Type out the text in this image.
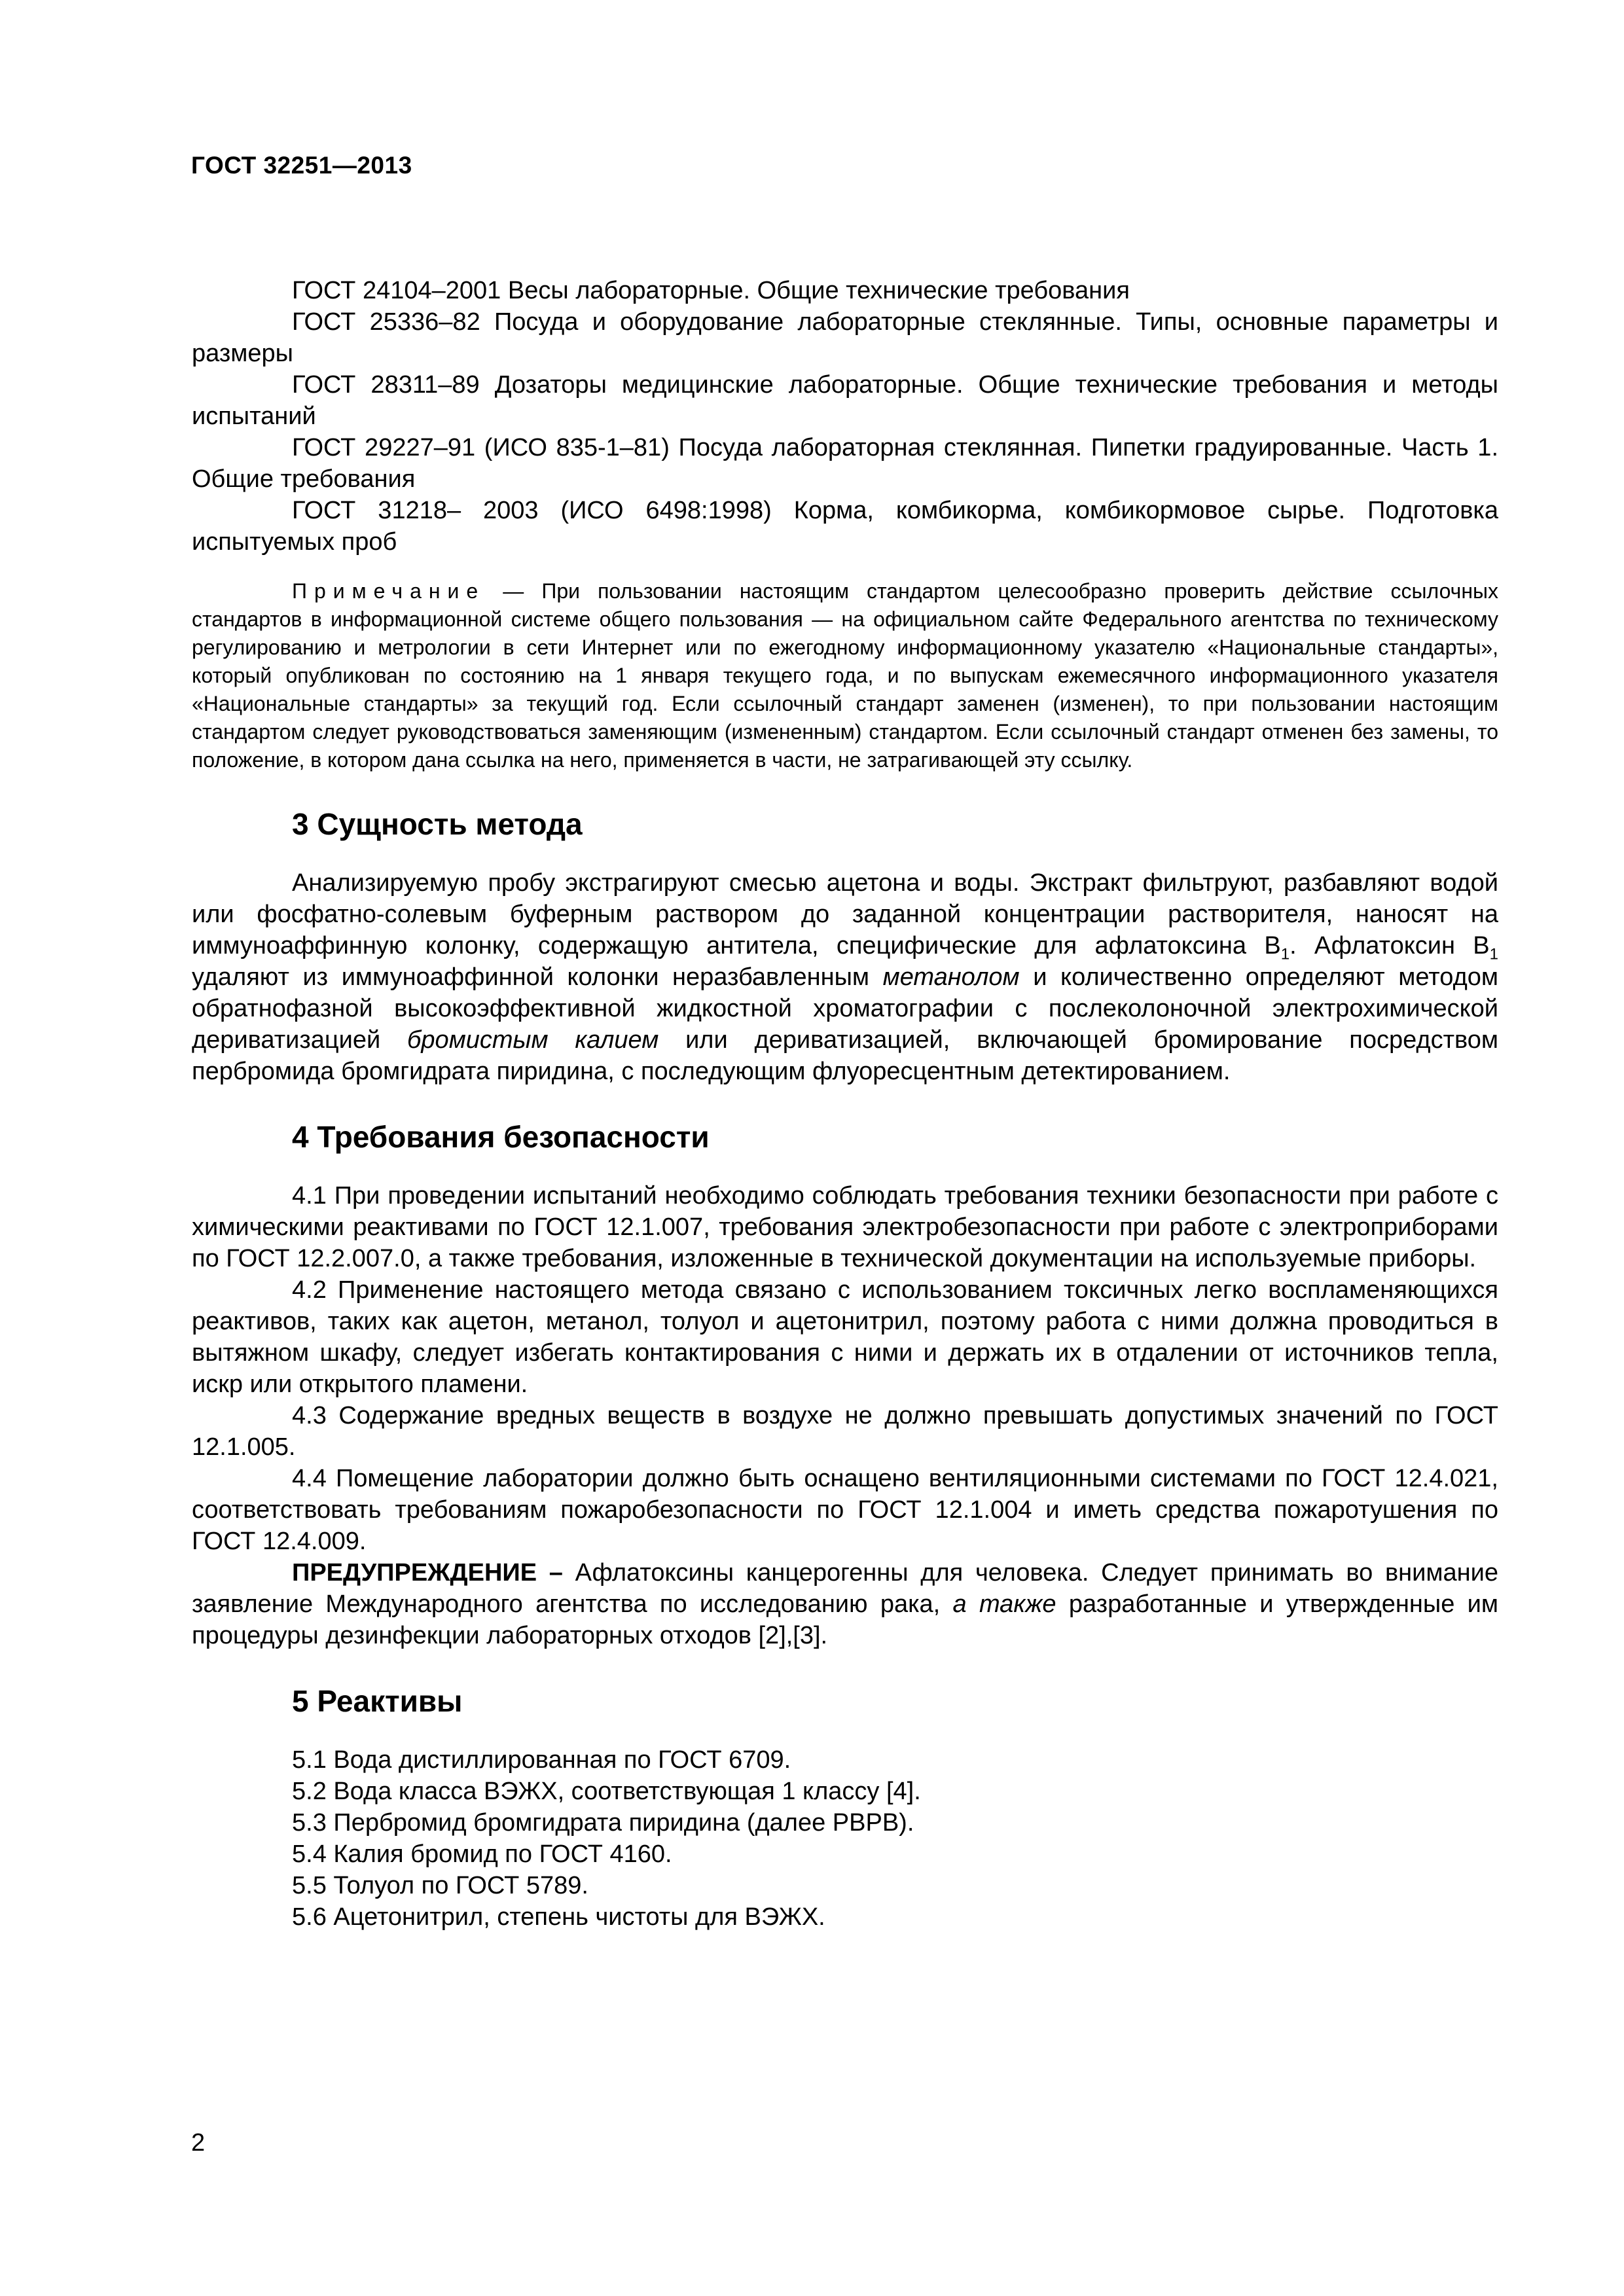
ГОСТ 32251—2013

ГОСТ 24104–2001 Весы лабораторные. Общие технические требования

ГОСТ 25336–82 Посуда и оборудование лабораторные стеклянные. Типы, основные параметры и размеры

ГОСТ 28311–89 Дозаторы медицинские лабораторные. Общие технические требования и методы испытаний

ГОСТ 29227–91 (ИСО 835-1–81) Посуда лабораторная стеклянная. Пипетки градуированные. Часть 1. Общие требования

ГОСТ 31218– 2003 (ИСО 6498:1998) Корма, комбикорма, комбикормовое сырье. Подготовка испытуемых проб

Примечание — При пользовании настоящим стандартом целесообразно проверить действие ссылочных стандартов в информационной системе общего пользования — на официальном сайте Федерального агентства по техническому регулированию и метрологии в сети Интернет или по ежегодному информационному указателю «Национальные стандарты», который опубликован по состоянию на 1 января текущего года, и по выпускам ежемесячного информационного указателя «Национальные стандарты» за текущий год. Если ссылочный стандарт заменен (изменен), то при пользовании настоящим стандартом следует руководствоваться заменяющим (измененным) стандартом. Если ссылочный стандарт отменен без замены, то положение, в котором дана ссылка на него, применяется в части, не затрагивающей эту ссылку.
3 Сущность метода

Анализируемую пробу экстрагируют смесью ацетона и воды. Экстракт фильтруют, разбавляют водой или фосфатно-солевым буферным раствором до заданной концентрации растворителя, наносят на иммуноаффинную колонку, содержащую антитела, специфические для афлатоксина $B_1$. Афлатоксин $B_1$ удаляют из иммуноаффинной колонки неразбавленным метанолом и количественно определяют методом обратнофазной высокоэффективной жидкостной хроматографии с послеколоночной электрохимической дериватизацией бромистым калием или дериватизацией, включающей бромирование посредством пербромида бромгидрата пиридина, с последующим флуоресцентным детектированием.

4 Требования безопасности

4.1 При проведении испытаний необходимо соблюдать требования техники безопасности при работе с химическими реактивами по ГОСТ 12.1.007, требования электробезопасности при работе с электроприборами по ГОСТ 12.2.007.0, а также требования, изложенные в технической документации на используемые приборы.

4.2 Применение настоящего метода связано с использованием токсичных легко воспламеняющихся реактивов, таких как ацетон, метанол, толуол и ацетонитрил, поэтому работа с ними должна проводиться в вытяжном шкафу, следует избегать контактирования с ними и держать их в отдалении от источников тепла, искр или открытого пламени.

4.3 Содержание вредных веществ в воздухе не должно превышать допустимых значений по ГОСТ 12.1.005.

4.4 Помещение лаборатории должно быть оснащено вентиляционными системами по ГОСТ 12.4.021, соответствовать требованиям пожаробезопасности по ГОСТ 12.1.004 и иметь средства пожаротушения по ГОСТ 12.4.009.

ПРЕДУПРЕЖДЕНИЕ – Афлатоксины канцерогенны для человека. Следует принимать во внимание заявление Международного агентства по исследованию рака, а также разработанные и утвержденные им процедуры дезинфекции лабораторных отходов [2],[3].

5 Реактивы

5.1 Вода дистиллированная по ГОСТ 6709.

5.2 Вода класса ВЭЖХ, соответствующая 1 классу [4].

5.3 Пербромид бромгидрата пиридина (далее PBPB).

5.4 Калия бромид по ГОСТ 4160.

5.5 Толуол по ГОСТ 5789.

5.6 Ацетонитрил, степень чистоты для ВЭЖХ.

2
